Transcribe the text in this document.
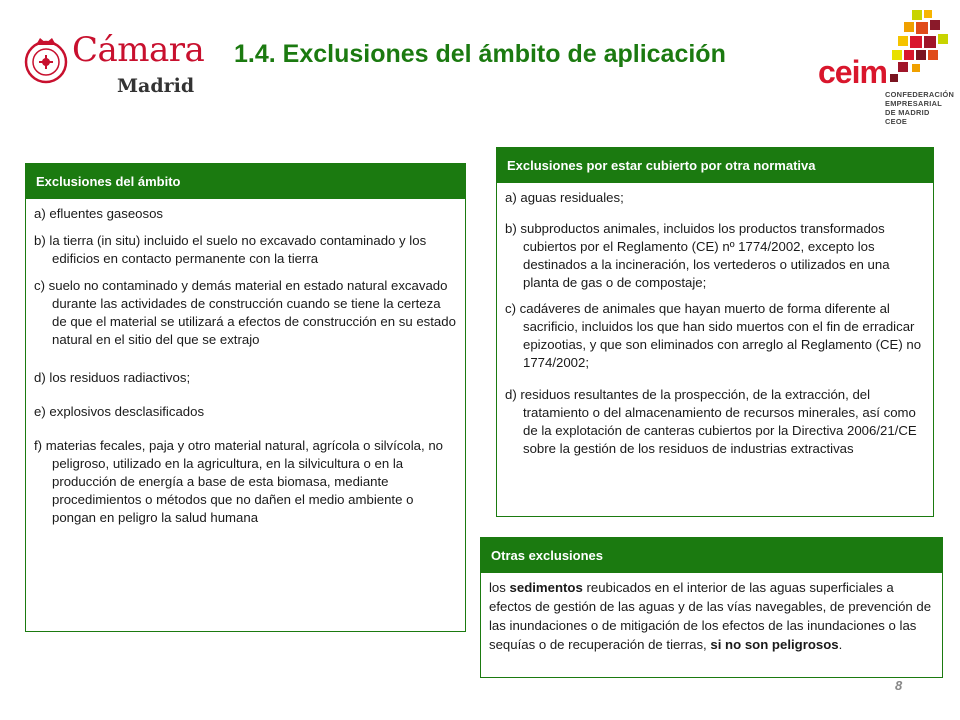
Cámara
Madrid
1.4. Exclusiones del ámbito de aplicación	ceim
CONFEDERACIÓN
EMPRESARIAL
DE MADRID
CEOE
Exclusiones del ámbito
a) efluentes gaseosos
b) la tierra (in situ) incluido el suelo no excavado contaminado y los edificios en contacto permanente con la tierra
c) suelo no contaminado y demás material en estado natural excavado durante las actividades de construcción cuando se tiene la certeza de que el material se utilizará a efectos de construcción en su estado natural en el sitio del que se extrajo
d) los residuos radiactivos;
e) explosivos desclasificados
f) materias fecales, paja y otro material natural, agrícola o silvícola, no peligroso, utilizado en la agricultura, en la silvicultura o en la producción de energía a base de esta biomasa, mediante procedimientos o métodos que no dañen el medio ambiente o pongan en peligro la salud humana
Exclusiones por estar cubierto por otra normativa
a) aguas residuales;
b) subproductos animales, incluidos los productos transformados cubiertos por el Reglamento (CE) nº 1774/2002, excepto los destinados a la incineración, los vertederos o utilizados en una planta de gas o de compostaje;
c) cadáveres de animales que hayan muerto de forma diferente al sacrificio, incluidos los que han sido muertos con el fin de erradicar epizootias, y que son eliminados con arreglo al Reglamento (CE) no 1774/2002;
d) residuos resultantes de la prospección, de la extracción, del tratamiento o del almacenamiento de recursos minerales, así como de la explotación de canteras cubiertos por la Directiva 2006/21/CE sobre la gestión de los residuos de industrias extractivas
Otras exclusiones
los sedimentos reubicados en el interior de las aguas superficiales a efectos de gestión de las aguas y de las vías navegables, de prevención de las inundaciones o de mitigación de los efectos de las inundaciones o las sequías o de recuperación de tierras, si no son peligrosos.
8
